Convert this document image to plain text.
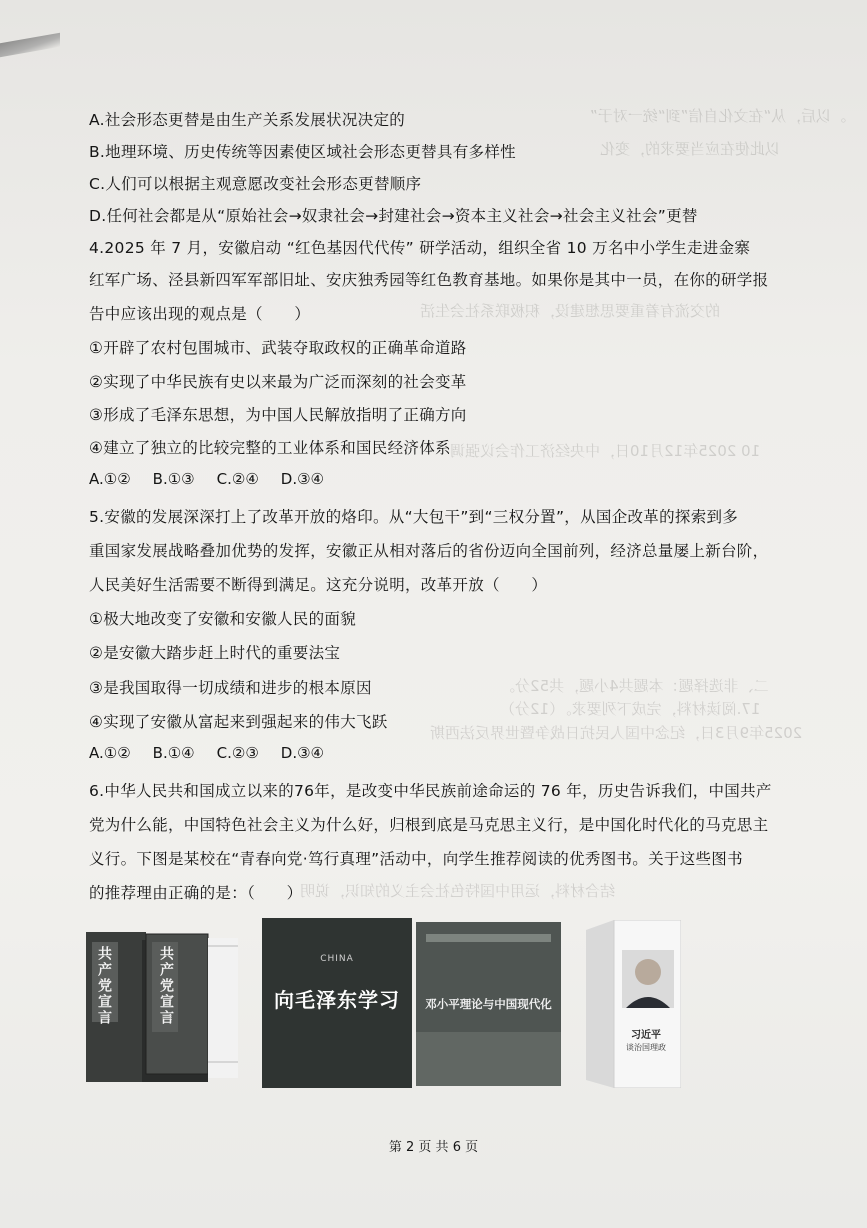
。以后，从“在文化自信”到“统一对于”
以此使在应当要求的，变化
的交流有着重要思想建设，积极联系社会生活
10 2025年12月10日，中央经济工作会议强调
二、非选择题：本题共4小题，共52分。
17.阅读材料，完成下列要求。（12分）
2025年9月3日，纪念中国人民抗日战争暨世界反法西斯
结合材料，运用中国特色社会主义的知识，说明
A.社会形态更替是由生产关系发展状况决定的
B.地理环境、历史传统等因素使区域社会形态更替具有多样性
C.人们可以根据主观意愿改变社会形态更替顺序
D.任何社会都是从“原始社会→奴隶社会→封建社会→资本主义社会→社会主义社会”更替
4.2025 年 7 月，安徽启动 “红色基因代代传” 研学活动，组织全省 10 万名中小学生走进金寨
红军广场、泾县新四军军部旧址、安庆独秀园等红色教育基地。如果你是其中一员，在你的研学报
告中应该出现的观点是（　　）
①开辟了农村包围城市、武装夺取政权的正确革命道路
②实现了中华民族有史以来最为广泛而深刻的社会变革
③形成了毛泽东思想，为中国人民解放指明了正确方向
④建立了独立的比较完整的工业体系和国民经济体系
A.①② B.①③ C.②④ D.③④
5.安徽的发展深深打上了改革开放的烙印。从“大包干”到“三权分置”，从国企改革的探索到多
重国家发展战略叠加优势的发挥，安徽正从相对落后的省份迈向全国前列，经济总量屡上新台阶，
人民美好生活需要不断得到满足。这充分说明，改革开放（　　）
①极大地改变了安徽和安徽人民的面貌
②是安徽大踏步赶上时代的重要法宝
③是我国取得一切成绩和进步的根本原因
④实现了安徽从富起来到强起来的伟大飞跃
A.①② B.①④ C.②③ D.③④
6.中华人民共和国成立以来的76年，是改变中华民族前途命运的 76 年，历史告诉我们，中国共产
党为什么能，中国特色社会主义为什么好，归根到底是马克思主义行，是中国化时代化的马克思主
义行。下图是某校在“青春向党·笃行真理”活动中，向学生推荐阅读的优秀图书。关于这些图书
的推荐理由正确的是：（　　）
共产党宣言	共产党宣言	CHINA
向毛泽东学习	邓小平理论与中国现代化
习近平
谈治国理政
第 2 页 共 6 页
